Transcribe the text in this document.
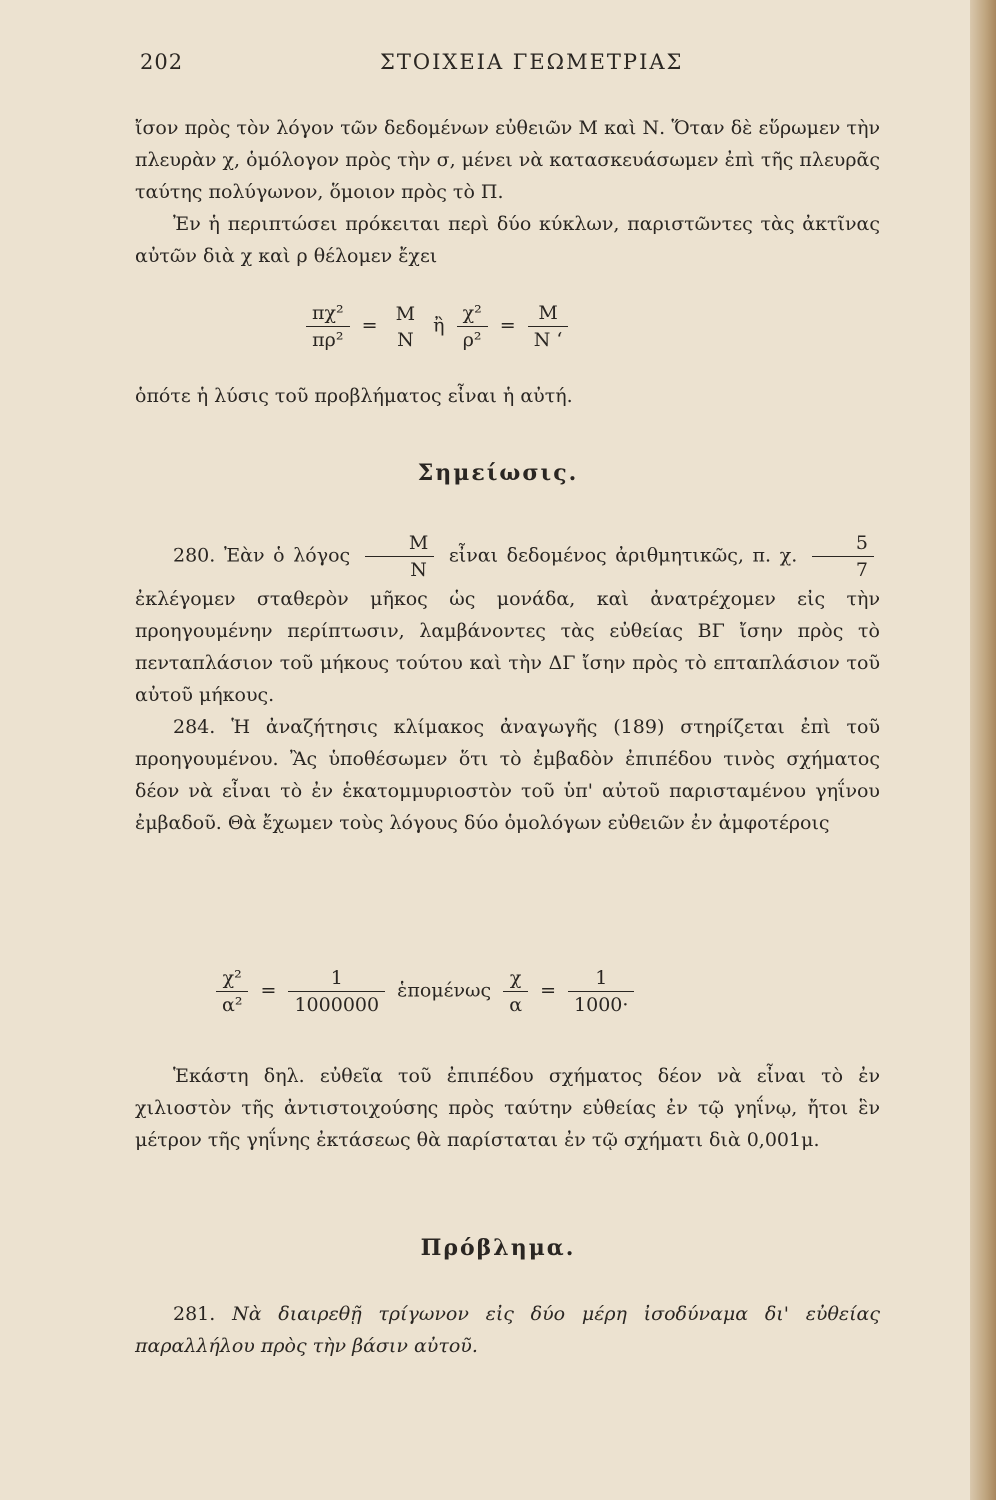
202	ΣΤΟΙΧΕΙΑ ΓΕΩΜΕΤΡΙΑΣ

ἴσον πρὸς τὸν λόγον τῶν δεδομένων εὐθειῶν Μ καὶ Ν. Ὅταν δὲ εὕρωμεν τὴν πλευρὰν χ, ὁμόλογον πρὸς τὴν σ, μένει νὰ κατασκευάσωμεν ἐπὶ τῆς πλευρᾶς ταύτης πολύγωνον, ὅμοιον πρὸς τὸ Π.

Ἐν ἡ περιπτώσει πρόκειται περὶ δύο κύκλων, παριστῶντες τὰς ἀκτῖνας αὐτῶν διὰ χ καὶ ρ θέλομεν ἔχει

$\frac{\text{πχ²}}{\text{πρ²}}$ =
M
N
ἢ $\frac{\text{χ²}}{\text{ρ²}} = \frac{M}{N ‘}$

ὁπότε ἡ λύσις τοῦ προβλήματος εἶναι ἡ αὐτή.

Σημείωσις.

280. Ἐὰν ὁ λόγος $\frac{M}{N}$ εἶναι δεδομένος ἀριθμητικῶς, π. χ. $\frac{5}{7}$
ἐκλέγομεν σταθερὸν μῆκος ὡς μονάδα, καὶ ἀνατρέχομεν εἰς τὴν προηγουμένην περίπτωσιν, λαμβάνοντες τὰς εὐθείας ΒΓ ἴσην πρὸς τὸ πενταπλάσιον τοῦ μήκους τούτου καὶ τὴν ΔΓ ἴσην πρὸς τὸ επταπλάσιον τοῦ αὐτοῦ μήκους.

284. Ἡ ἀναζήτησις κλίμακος ἀναγωγῆς (189) στηρίζεται ἐπὶ τοῦ προηγουμένου. Ἂς ὑποθέσωμεν ὅτι τὸ ἐμβαδὸν ἐπιπέδου τινὸς σχήματος δέον νὰ εἶναι τὸ ἐν ἑκατομμυριοστὸν τοῦ ὑπ' αὐτοῦ παρισταμένου γηΐνου ἐμβαδοῦ. Θὰ ἔχωμεν τοὺς λόγους δύο ὁμολόγων εὐθειῶν ἐν ἀμφοτέροις

$\frac{\text{χ²}}{\text{α²}} = \frac{1}{1000000}$ ἑπομένως $\frac{\chi}{\alpha} = \frac{1}{1000\cdot}$

Ἑκάστη δηλ. εὐθεῖα τοῦ ἐπιπέδου σχήματος δέον νὰ εἶναι τὸ ἐν χιλιοστὸν τῆς ἀντιστοιχούσης πρὸς ταύτην εὐθείας ἐν τῷ γηΐνῳ, ἤτοι ἓν μέτρον τῆς γηΐνης ἐκτάσεως θὰ παρίσταται ἐν τῷ σχήματι διὰ 0,001μ.

Πρόβλημα.

281. Νὰ διαιρεθῇ τρίγωνον εἰς δύο μέρη ἰσοδύναμα δι' εὐθείας παραλλήλου πρὸς τὴν βάσιν αὐτοῦ.
